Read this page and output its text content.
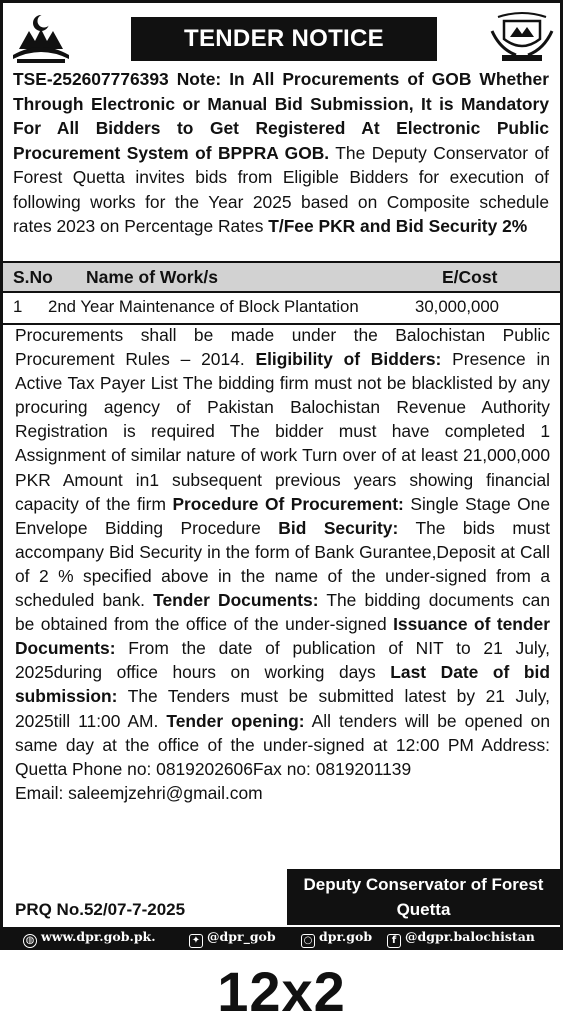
TENDER NOTICE
TSE-252607776393 Note: In All Procurements of GOB Whether Through Electronic or Manual Bid Submission, It is Mandatory For All Bidders to Get Registered At Electronic Public Procurement System of BPPRA GOB. The Deputy Conservator of Forest Quetta invites bids from Eligible Bidders for execution of following works for the Year 2025 based on Composite schedule rates 2023 on Percentage Rates T/Fee PKR and Bid Security 2%
S.No Name of Work/s	E/Cost
1 2nd Year Maintenance of Block Plantation	30,000,000
Procurements shall be made under the Balochistan Public Procurement Rules – 2014. Eligibility of Bidders: Presence in Active Tax Payer List The bidding firm must not be blacklisted by any procuring agency of Pakistan Balochistan Revenue Authority Registration is required The bidder must have completed 1 Assignment of similar nature of work Turn over of at least 21,000,000 PKR Amount in1 subsequent previous years showing financial capacity of the firm Procedure Of Procurement: Single Stage One Envelope Bidding Procedure Bid Security: The bids must accompany Bid Security in the form of Bank Gurantee,Deposit at Call of 2 % specified above in the name of the under-signed from a scheduled bank. Tender Documents: The bidding documents can be obtained from the office of the under-signed Issuance of tender Documents: From the date of publication of NIT to 21 July, 2025during office hours on working days Last Date of bid submission: The Tenders must be submitted latest by 21 July, 2025till 11:00 AM. Tender opening: All tenders will be opened on same day at the office of the under-signed at 12:00 PM Address: Quetta Phone no: 0819202606Fax no: 0819201139
Email: saleemjzehri@gmail.com
PRQ No.52/07-7-2025
Deputy Conservator of Forest
Quetta
◍ www.dpr.gob.pk.	✦ @dpr_gob	○ dpr.gob	f @dgpr.balochistan
12x2
